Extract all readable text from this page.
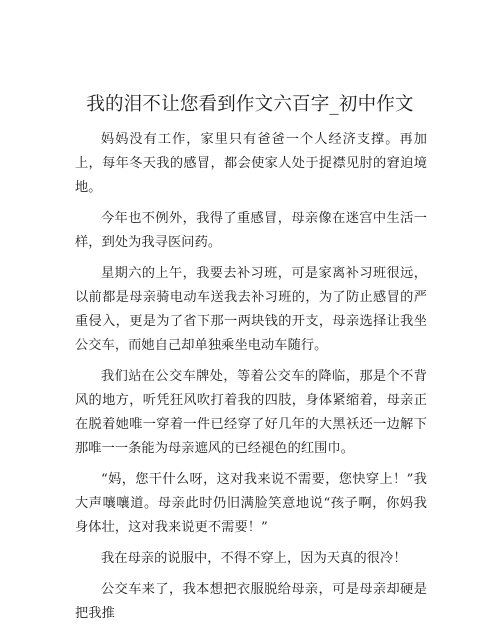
我的泪不让您看到作文六百字_初中作文

妈妈没有工作，家里只有爸爸一个人经济支撑。再加上，每年冬天我的感冒，都会使家人处于捉襟见肘的窘迫境地。

今年也不例外，我得了重感冒，母亲像在迷宫中生活一样，到处为我寻医问药。

星期六的上午，我要去补习班，可是家离补习班很远，以前都是母亲骑电动车送我去补习班的，为了防止感冒的严重侵入，更是为了省下那一两块钱的开支，母亲选择让我坐公交车，而她自己却单独乘坐电动车随行。

我们站在公交车牌处，等着公交车的降临，那是个不背风的地方，听凭狂风吹打着我的四肢，身体紧缩着，母亲正在脱着她唯一穿着一件已经穿了好几年的大黑袄还一边解下那唯一一条能为母亲遮风的已经褪色的红围巾。

“妈，您干什么呀，这对我来说不需要，您快穿上！”我大声嚷嚷道。母亲此时仍旧满脸笑意地说“孩子啊，你妈我身体壮，这对我来说更不需要！”

我在母亲的说服中，不得不穿上，因为天真的很冷！

公交车来了，我本想把衣服脱给母亲，可是母亲却硬是把我推
